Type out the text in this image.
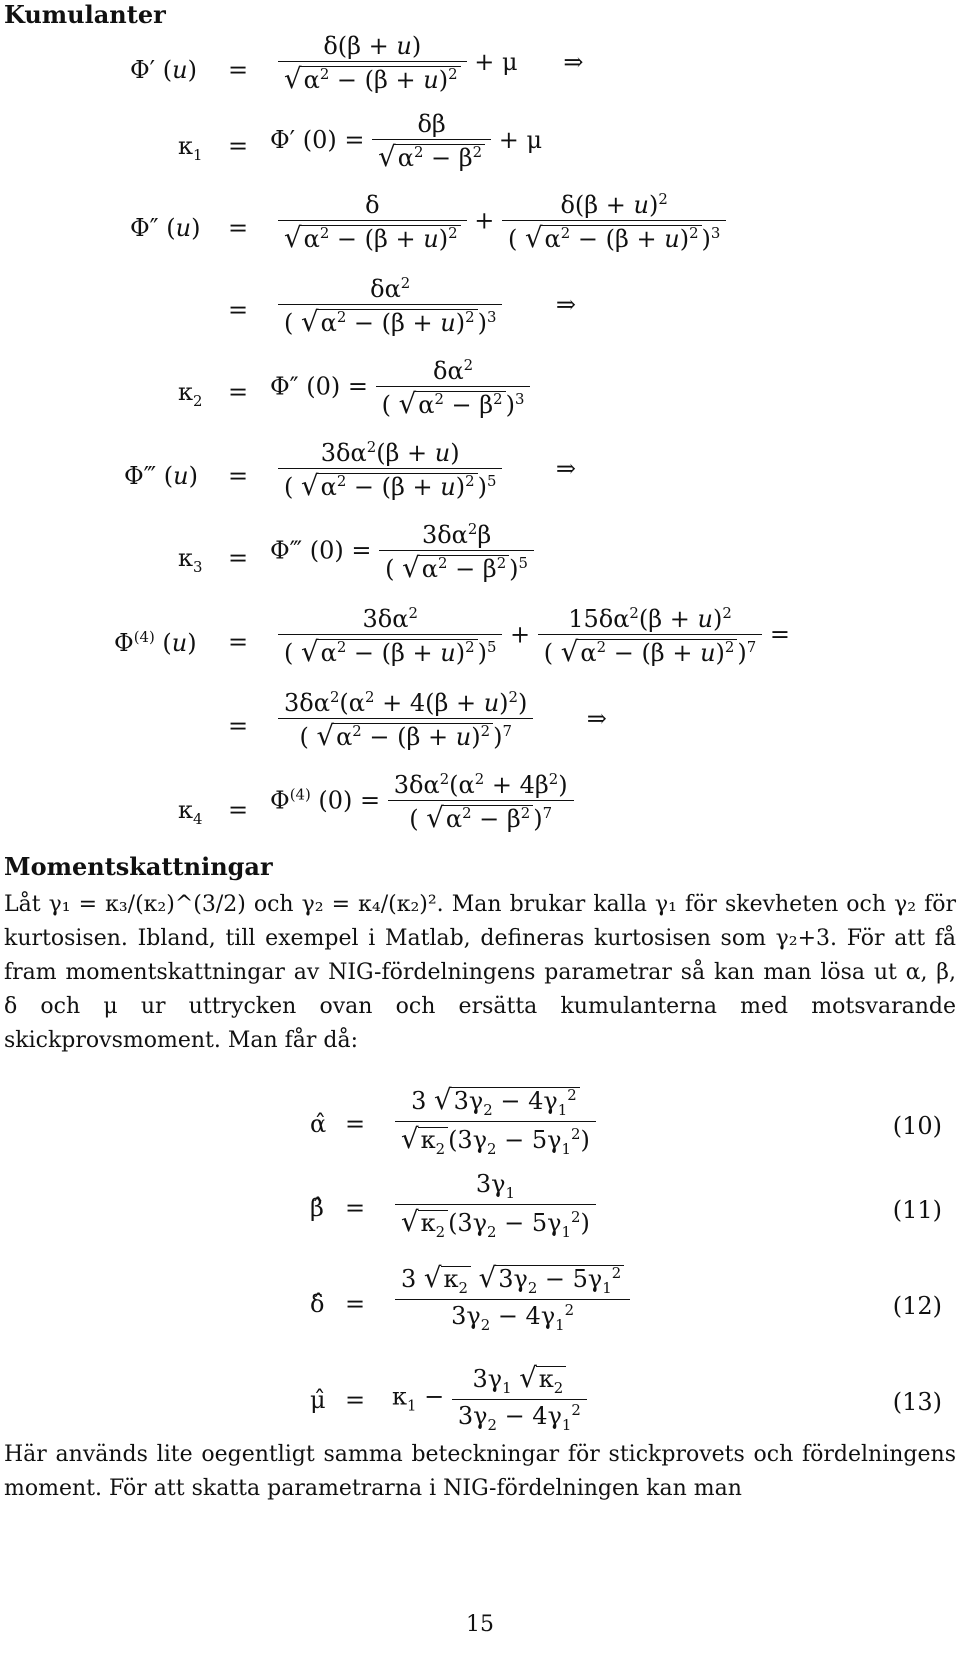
Kumulanter
Φ′ $(u) = \frac{\delta(\beta + u)}{√\alpha^2 - (\beta + u)^2} + \mu$      ⇒
$\kappa_1 = \Phi'$ $(0) = \frac{\delta\beta}{√\alpha^2 - \beta^2} + \mu$
Φ″ $(u) = \frac{\delta}{√\alpha^2 - (\beta + u)^2} + \frac{\delta(\beta + u)^2}{( √\alpha^2 - (\beta + u)^2 )^3}$
= $\frac{\delta\alpha^2}{( √\alpha^2 - (\beta + u)^2 )^3}$ ⇒
$\kappa_2 = \Phi''$ $(0) = \frac{\delta\alpha^2}{( √\alpha^2 - \beta^2 )^3}$
Φ‴ $(u) = \frac{3\delta\alpha^2(\beta + u)}{( √\alpha^2 - (\beta + u)^2 )^5}$ ⇒
$\kappa_3$ = Φ‴ $(0) = \frac{3\delta\alpha^2\beta}{( √\alpha^2 - \beta^2 )^5}$
$\Phi^{(4)}$ $(u) = \frac{3\delta\alpha^2}{( √\alpha^2 - (\beta + u)^2 )^5} + \frac{15\delta\alpha^2(\beta + u)^2}{( √\alpha^2 - (\beta + u)^2 )^7}$ =
= $\frac{3\delta\alpha^2(\alpha^2 + 4(\beta + u)^2)}{( √\alpha^2 - (\beta + u)^2 )^7}$ ⇒
$\kappa_4 = \Phi^{(4)}$ $(0) = \frac{3\delta\alpha^2(\alpha^2 + 4\beta^2)}{( √\alpha^2 - \beta^2 )^7}$
Momentskattningar
Låt γ₁ = κ₃/(κ₂)^(3/2) och γ₂ = κ₄/(κ₂)². Man brukar kalla γ₁ för skevheten och γ₂ för kurtosisen. Ibland, till exempel i Matlab, defineras kurtosisen som γ₂+3. För att få fram momentskattningar av NIG-fördelningens parametrar så kan man lösa ut α, β, δ och μ ur uttrycken ovan och ersätta kumulanterna med motsvarande skickprovsmoment. Man får då:
α̂ = $\frac{3 √3\gamma_2 - 4\gamma_1^2}{√\kappa_2 (3\gamma_2 - 5\gamma_1^2)}$	(10)
β̂ = $\frac{3\gamma_1}{√\kappa_2 (3\gamma_2 - 5\gamma_1^2)}$	(11)
δ̂ = $\frac{3 √\kappa_2 √3\gamma_2 - 5\gamma_1^2}{3\gamma_2 - 4\gamma_1^2}$	(12)
μ̂ = $\kappa_1 - \frac{3\gamma_1 √\kappa_2}{3\gamma_2 - 4\gamma_1^2}$	(13)
Här används lite oegentligt samma beteckningar för stickprovets och fördelningens moment. För att skatta parametrarna i NIG-fördelningen kan man
15
